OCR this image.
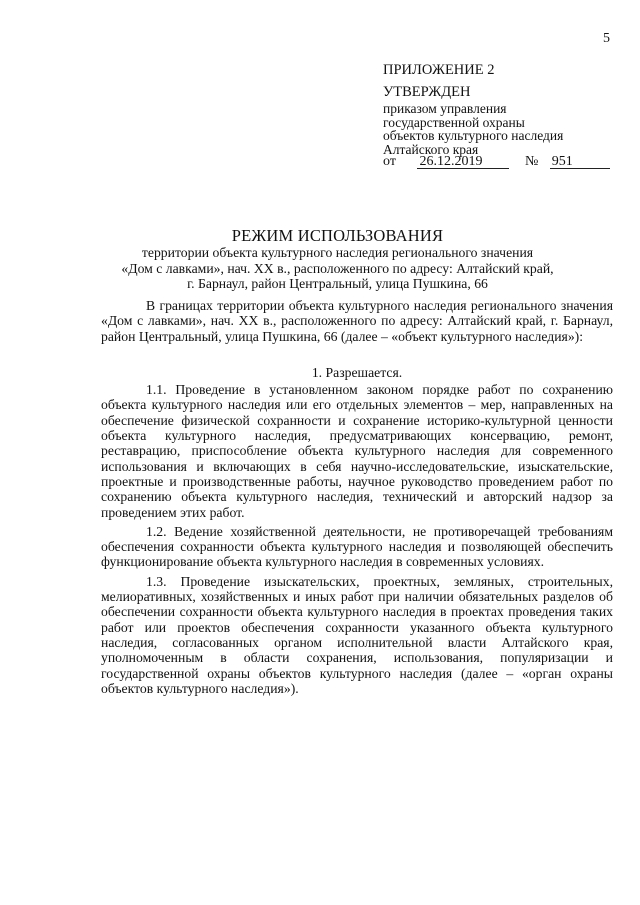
5
ПРИЛОЖЕНИЕ 2
УТВЕРЖДЕН
приказом управления
государственной охраны
объектов культурного наследия
Алтайского края
от 26.12.2019	№ 951
РЕЖИМ ИСПОЛЬЗОВАНИЯ
территории объекта культурного наследия регионального значения
«Дом с лавками», нач. XX в., расположенного по адресу: Алтайский край,
г. Барнаул, район Центральный, улица Пушкина, 66

В границах территории объекта культурного наследия регионального значения «Дом с лавками», нач. XX в., расположенного по адресу: Алтайский край, г. Барнаул, район Центральный, улица Пушкина, 66 (далее – «объект культурного наследия»):

1. Разрешается.

1.1. Проведение в установленном законом порядке работ по сохранению объекта культурного наследия или его отдельных элементов – мер, направленных на обеспечение физической сохранности и сохранение историко-культурной ценности объекта культурного наследия, предусматривающих консервацию, ремонт, реставрацию, приспособление объекта культурного наследия для современного использования и включающих в себя научно-исследовательские, изыскательские, проектные и производственные работы, научное руководство проведением работ по сохранению объекта культурного наследия, технический и авторский надзор за проведением этих работ.

1.2. Ведение хозяйственной деятельности, не противоречащей требованиям обеспечения сохранности объекта культурного наследия и позволяющей обеспечить функционирование объекта культурного наследия в современных условиях.

1.3. Проведение изыскательских, проектных, земляных, строительных, мелиоративных, хозяйственных и иных работ при наличии обязательных разделов об обеспечении сохранности объекта культурного наследия в проектах проведения таких работ или проектов обеспечения сохранности указанного объекта культурного наследия, согласованных органом исполнительной власти Алтайского края, уполномоченным в области сохранения, использования, популяризации и государственной охраны объектов культурного наследия (далее – «орган охраны объектов культурного наследия»).
